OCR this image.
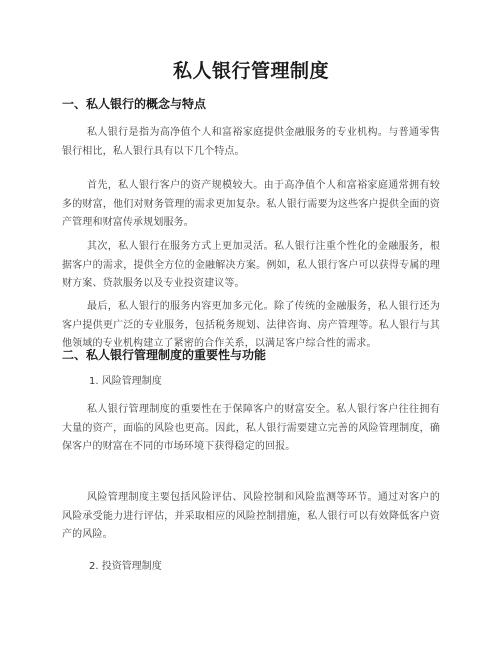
私人银行管理制度
一、私人银行的概念与特点
私人银行是指为高净值个人和富裕家庭提供金融服务的专业机构。与普通零售银行相比，私人银行具有以下几个特点。
首先，私人银行客户的资产规模较大。由于高净值个人和富裕家庭通常拥有较多的财富，他们对财务管理的需求更加复杂。私人银行需要为这些客户提供全面的资产管理和财富传承规划服务。
其次，私人银行在服务方式上更加灵活。私人银行注重个性化的金融服务，根据客户的需求，提供全方位的金融解决方案。例如，私人银行客户可以获得专属的理财方案、贷款服务以及专业投资建议等。
最后，私人银行的服务内容更加多元化。除了传统的金融服务，私人银行还为客户提供更广泛的专业服务，包括税务规划、法律咨询、房产管理等。私人银行与其他领域的专业机构建立了紧密的合作关系，以满足客户综合性的需求。
二、私人银行管理制度的重要性与功能
1. 风险管理制度
私人银行管理制度的重要性在于保障客户的财富安全。私人银行客户往往拥有大量的资产，面临的风险也更高。因此，私人银行需要建立完善的风险管理制度，确保客户的财富在不同的市场环境下获得稳定的回报。
风险管理制度主要包括风险评估、风险控制和风险监测等环节。通过对客户的风险承受能力进行评估，并采取相应的风险控制措施，私人银行可以有效降低客户资产的风险。
2. 投资管理制度
